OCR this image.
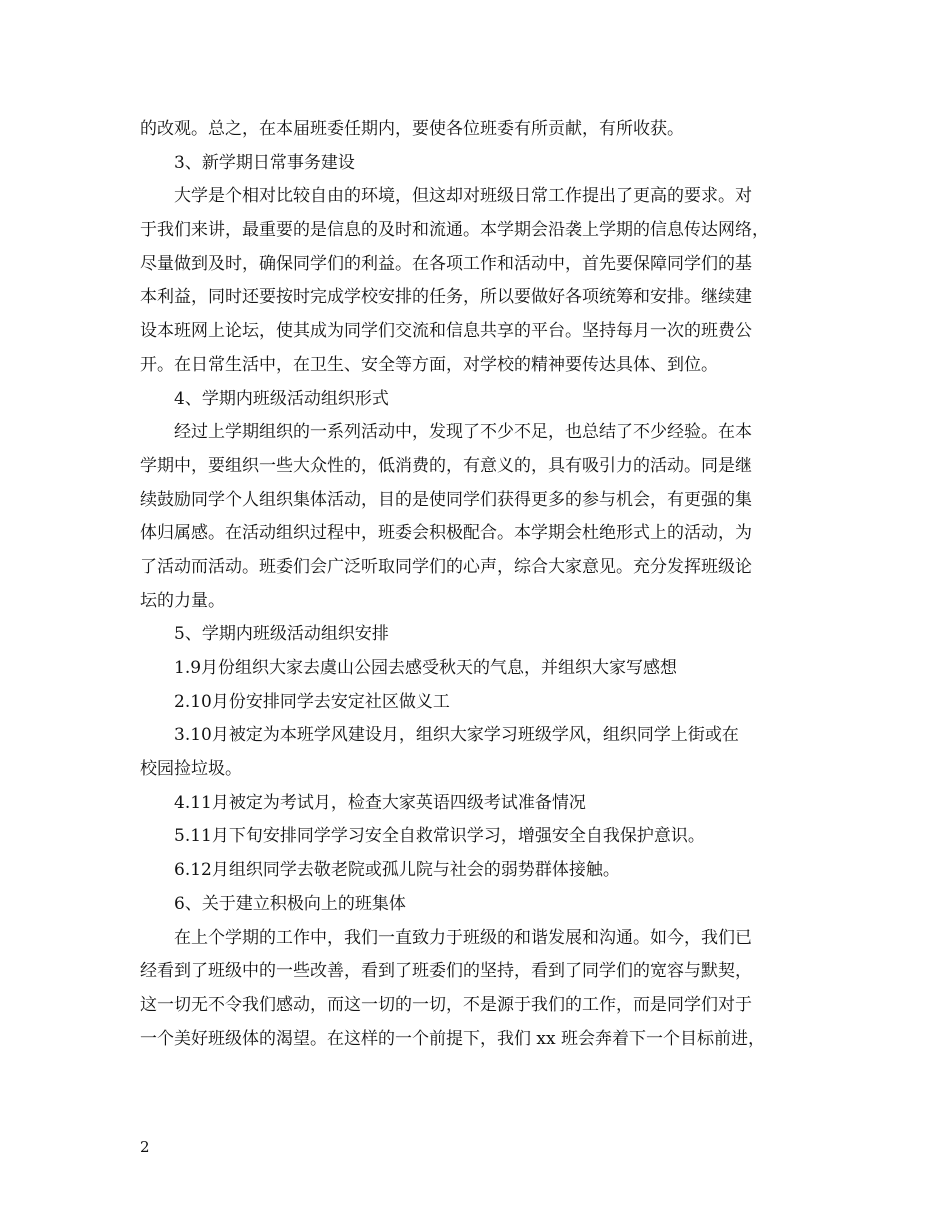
的改观。总之，在本届班委任期内，要使各位班委有所贡献，有所收获。
3、新学期日常事务建设
大学是个相对比较自由的环境，但这却对班级日常工作提出了更高的要求。对
于我们来讲，最重要的是信息的及时和流通。本学期会沿袭上学期的信息传达网络，
尽量做到及时，确保同学们的利益。在各项工作和活动中，首先要保障同学们的基
本利益，同时还要按时完成学校安排的任务，所以要做好各项统筹和安排。继续建
设本班网上论坛，使其成为同学们交流和信息共享的平台。坚持每月一次的班费公
开。在日常生活中，在卫生、安全等方面，对学校的精神要传达具体、到位。
4、学期内班级活动组织形式
经过上学期组织的一系列活动中，发现了不少不足，也总结了不少经验。在本
学期中，要组织一些大众性的，低消费的，有意义的，具有吸引力的活动。同是继
续鼓励同学个人组织集体活动，目的是使同学们获得更多的参与机会，有更强的集
体归属感。在活动组织过程中，班委会积极配合。本学期会杜绝形式上的活动，为
了活动而活动。班委们会广泛听取同学们的心声，综合大家意见。充分发挥班级论
坛的力量。
5、学期内班级活动组织安排
1.9月份组织大家去虞山公园去感受秋天的气息，并组织大家写感想
2.10月份安排同学去安定社区做义工
3.10月被定为本班学风建设月，组织大家学习班级学风，组织同学上街或在
校园捡垃圾。
4.11月被定为考试月，检查大家英语四级考试准备情况
5.11月下旬安排同学学习安全自救常识学习，增强安全自我保护意识。
6.12月组织同学去敬老院或孤儿院与社会的弱势群体接触。
6、关于建立积极向上的班集体
在上个学期的工作中，我们一直致力于班级的和谐发展和沟通。如今，我们已
经看到了班级中的一些改善，看到了班委们的坚持，看到了同学们的宽容与默契，
这一切无不令我们感动，而这一切的一切，不是源于我们的工作，而是同学们对于
一个美好班级体的渴望。在这样的一个前提下，我们 xx 班会奔着下一个目标前进，
2
